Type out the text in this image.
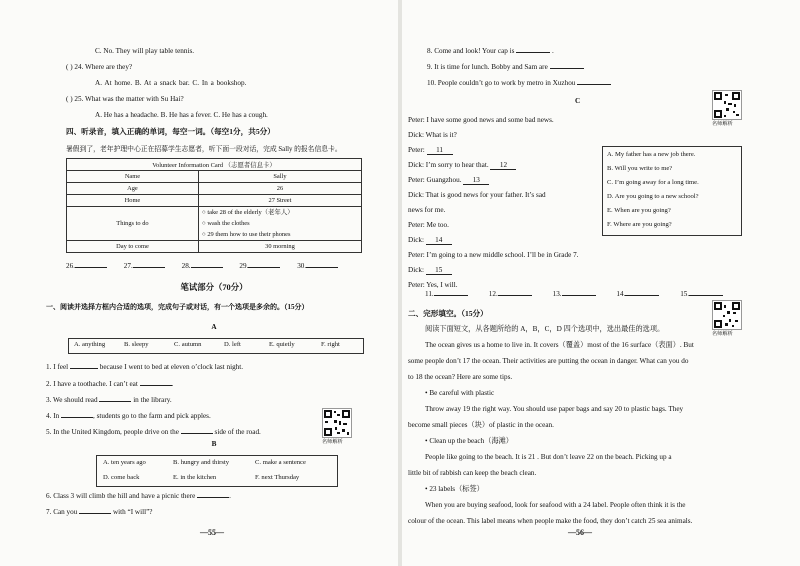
C. No. They will play table tennis.
( ) 24. Where are they?
A. At home. B. At a snack bar. C. In a bookshop.
( ) 25. What was the matter with Su Hai?
A. He has a headache. B. He has a fever. C. He has a cough.
四、听录音，填入正确的单词，每空一词。（每空1分，共5分）
暑假到了，老年护理中心正在招募学生志愿者，听下面一段对话，完成 Sally 的报名信息卡。
Volunteer Information Card （志愿者信息卡）	
Name	Sally
Age	26
Home	27 Street
Things to do	○ take 28 of the elderly（老年人）
○ wash the clothes
○ 29 them how to use their phones

Day to come	30 morning
26.	27.	28.	29.	30.
笔试部分（70分）
一、阅读并选择方框内合适的选项，完成句子或对话，有一个选项是多余的。（15分）
A
A. anything	B. sleepy	C. autumn	D. left	E. quietly	F. right
1. I feel	because I went to bed at eleven o’clock last night.
2. I have a toothache. I can’t eat	.
3. We should read	in the library.
4. In	, students go to the farm and pick apples.
5. In the United Kingdom, people drive on the	side of the road.
名师解析
B
A. ten years ago	B. hungry and thirsty	C. make a sentence
D. come back	E. in the kitchen	F. next Thursday
6. Class 3 will climb the hill and have a picnic there	.
7. Can you	with “I will”?
—55—
8. Come and look! Your cap is	.
9. It is time for lunch. Bobby and Sam are
10. People couldn’t go to work by metro in Xuzhou
名师解析
C
Peter: I have some good news and some bad news.
Dick: What is it?
Peter: 11
Dick: I’m sorry to hear that. 12
Peter: Guangzhou. 13
Dick: That is good news for your father. It’s sad
news for me.
Peter: Me too.
Dick: 14
Peter: I’m going to a new middle school. I’ll be in Grade 7.
Dick: 15
Peter: Yes, I will.
A. My father has a new job there.
B. Will you write to me?
C. I’m going away for a long time.
D. Are you going to a new school?
E. When are you going?
F. Where are you going?
11.	12.	13.	14.	15.
二、完形填空。（15分）
名师解析
阅读下面短文，从各题所给的 A，B，C，D 四个选项中，选出最佳的选项。
The ocean gives us a home to live in. It covers（覆盖）most of the 16 surface（表面）. But
some people don’t 17 the ocean. Their activities are putting the ocean in danger. What can you do
to 18 the ocean? Here are some tips.
• Be careful with plastic
Throw away 19 the right way. You should use paper bags and say 20 to plastic bags. They
become small pieces（块）of plastic in the ocean.
• Clean up the beach（海滩）
People like going to the beach. It is 21 . But don’t leave 22 on the beach. Picking up a
little bit of rabbish can keep the beach clean.
• 23 labels（标签）
When you are buying seafood, look for seafood with a 24 label. People often think it is the
colour of the ocean. This label means when people make the food, they don’t catch 25 sea animals.
—56—
